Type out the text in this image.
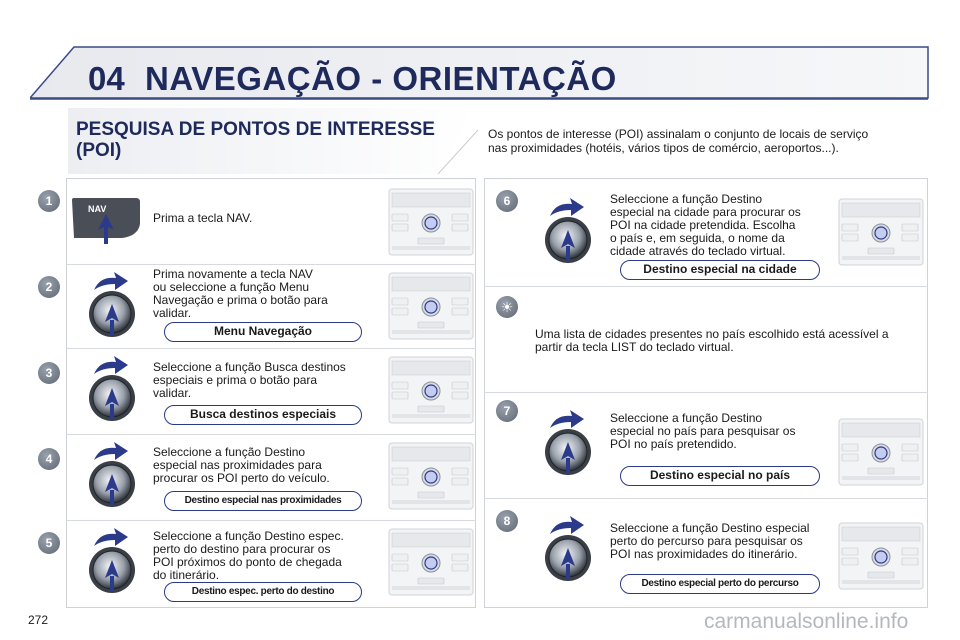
04 NAVEGAÇÃO - ORIENTAÇÃO
PESQUISA DE PONTOS DE INTERESSE
(POI)
Os pontos de interesse (POI) assinalam o conjunto de locais de serviço
nas proximidades (hotéis, vários tipos de comércio, aeroportos...).
1
NAV
Prima a tecla NAV.
2
Prima novamente a tecla NAV
ou seleccione a função Menu
Navegação e prima o botão para
validar.
Menu Navegação
3	Seleccione a função Busca destinos
especiais e prima o botão para
validar.
Busca destinos especiais
4	Seleccione a função Destino
especial nas proximidades para
procurar os POI perto do veículo.
Destino especial nas proximidades
5	Seleccione a função Destino espec.
perto do destino para procurar os
POI próximos do ponto de chegada
do itinerário.
Destino espec. perto do destino
6	Seleccione a função Destino
especial na cidade para procurar os
POI na cidade pretendida. Escolha
o país e, em seguida, o nome da
cidade através do teclado virtual.
Destino especial na cidade
7	Seleccione a função Destino
especial no país para pesquisar os
POI no país pretendido.
Destino especial no país
8	Seleccione a função Destino especial
perto do percurso para pesquisar os
POI nas proximidades do itinerário.
Destino especial perto do percurso
☀
Uma lista de cidades presentes no país escolhido está acessível a
partir da tecla LIST do teclado virtual.
272	carmanualsonline.info
